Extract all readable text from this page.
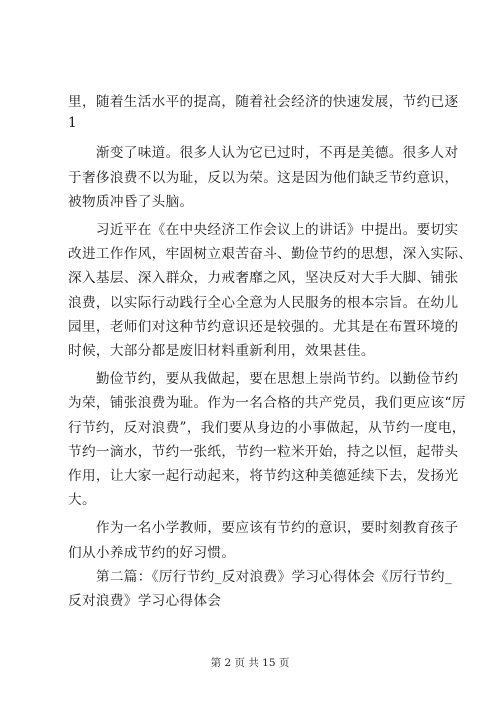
里，随着生活水平的提高，随着社会经济的快速发展，节约已逐
1
　　渐变了味道。很多人认为它已过时，不再是美德。很多人对
于奢侈浪费不以为耻，反以为荣。这是因为他们缺乏节约意识，
被物质冲昏了头脑。
　　习近平在《在中央经济工作会议上的讲话》中提出。要切实
改进工作作风，牢固树立艰苦奋斗、勤俭节约的思想，深入实际、
深入基层、深入群众，力戒奢靡之风，坚决反对大手大脚、铺张
浪费，以实际行动践行全心全意为人民服务的根本宗旨。在幼儿
园里，老师们对这种节约意识还是较强的。尤其是在布置环境的
时候，大部分都是废旧材料重新利用，效果甚佳。
　　勤俭节约，要从我做起，要在思想上崇尚节约。以勤俭节约
为荣，铺张浪费为耻。作为一名合格的共产党员，我们更应该“厉
行节约，反对浪费”，我们要从身边的小事做起，从节约一度电，
节约一滴水，节约一张纸，节约一粒米开始，持之以恒，起带头
作用，让大家一起行动起来，将节约这种美德延续下去，发扬光
大。
　　作为一名小学教师，要应该有节约的意识，要时刻教育孩子
们从小养成节约的好习惯。
　　第二篇：《厉行节约_反对浪费》学习心得体会《厉行节约_
反对浪费》学习心得体会
第 2 页 共 15 页
